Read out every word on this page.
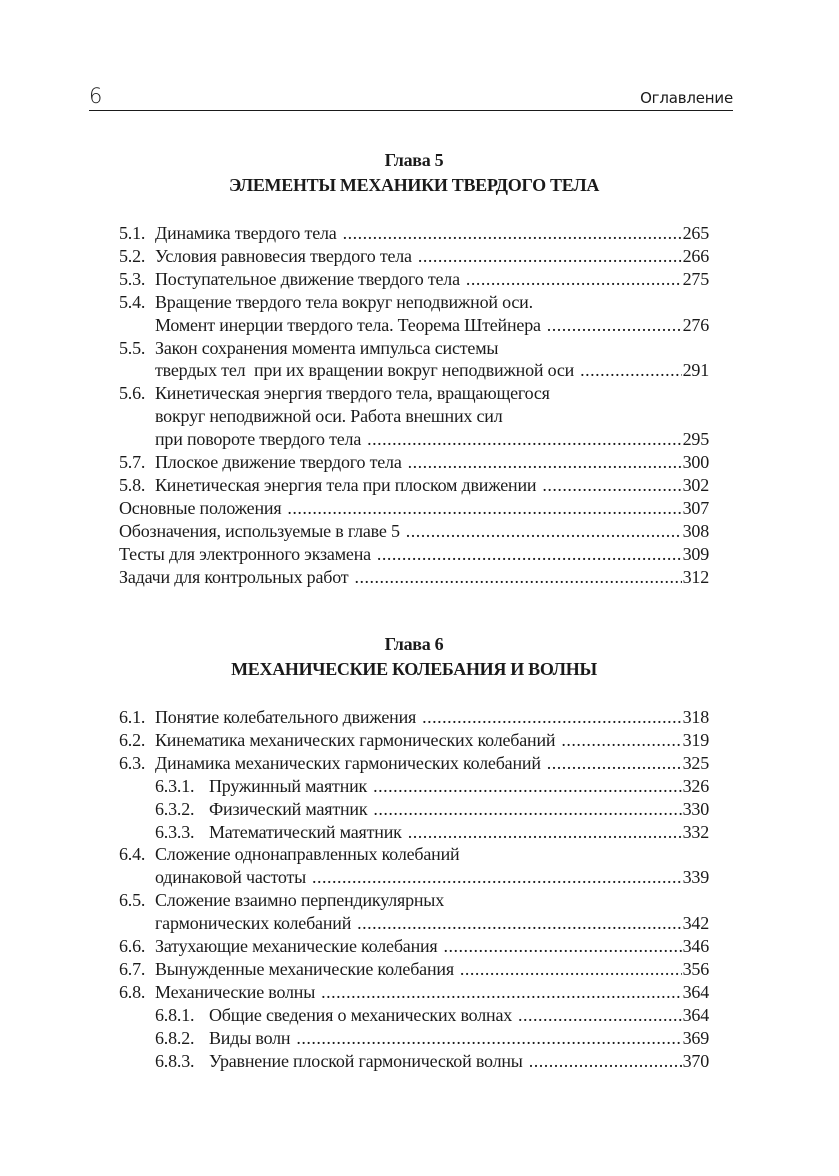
6	Оглавление
Глава 5
ЭЛЕМЕНТЫ МЕХАНИКИ ТВЕРДОГО ТЕЛА
5.1. Динамика твердого тела .....	265
5.2. Условия равновесия твердого тела .....	266
5.3. Поступательное движение твердого тела .....	275
5.4. Вращение твердого тела вокруг неподвижной оси.
Момент инерции твердого тела. Теорема Штейнера .....	276
5.5. Закон сохранения момента импульса системы
твердых тел  при их вращении вокруг неподвижной оси .....	291
5.6. Кинетическая энергия твердого тела, вращающегося
вокруг неподвижной оси. Работа внешних сил
при повороте твердого тела .....	295
5.7. Плоское движение твердого тела .....	300
5.8. Кинетическая энергия тела при плоском движении .....	302
Основные положения .....	307
Обозначения, используемые в главе 5 .....	308
Тесты для электронного экзамена .....	309
Задачи для контрольных работ .....	312
Глава 6
МЕХАНИЧЕСКИЕ КОЛЕБАНИЯ И ВОЛНЫ
6.1. Понятие колебательного движения .....	318
6.2. Кинематика механических гармонических колебаний .....	319
6.3. Динамика механических гармонических колебаний .....	325
6.3.1. Пружинный маятник .....	326
6.3.2. Физический маятник .....	330
6.3.3. Математический маятник .....	332
6.4. Сложение однонаправленных колебаний
одинаковой частоты .....	339
6.5. Сложение взаимно перпендикулярных
гармонических колебаний .....	342
6.6. Затухающие механические колебания .....	346
6.7. Вынужденные механические колебания .....	356
6.8. Механические волны .....	364
6.8.1. Общие сведения о механических волнах .....	364
6.8.2. Виды волн .....	369
6.8.3. Уравнение плоской гармонической волны .....	370
